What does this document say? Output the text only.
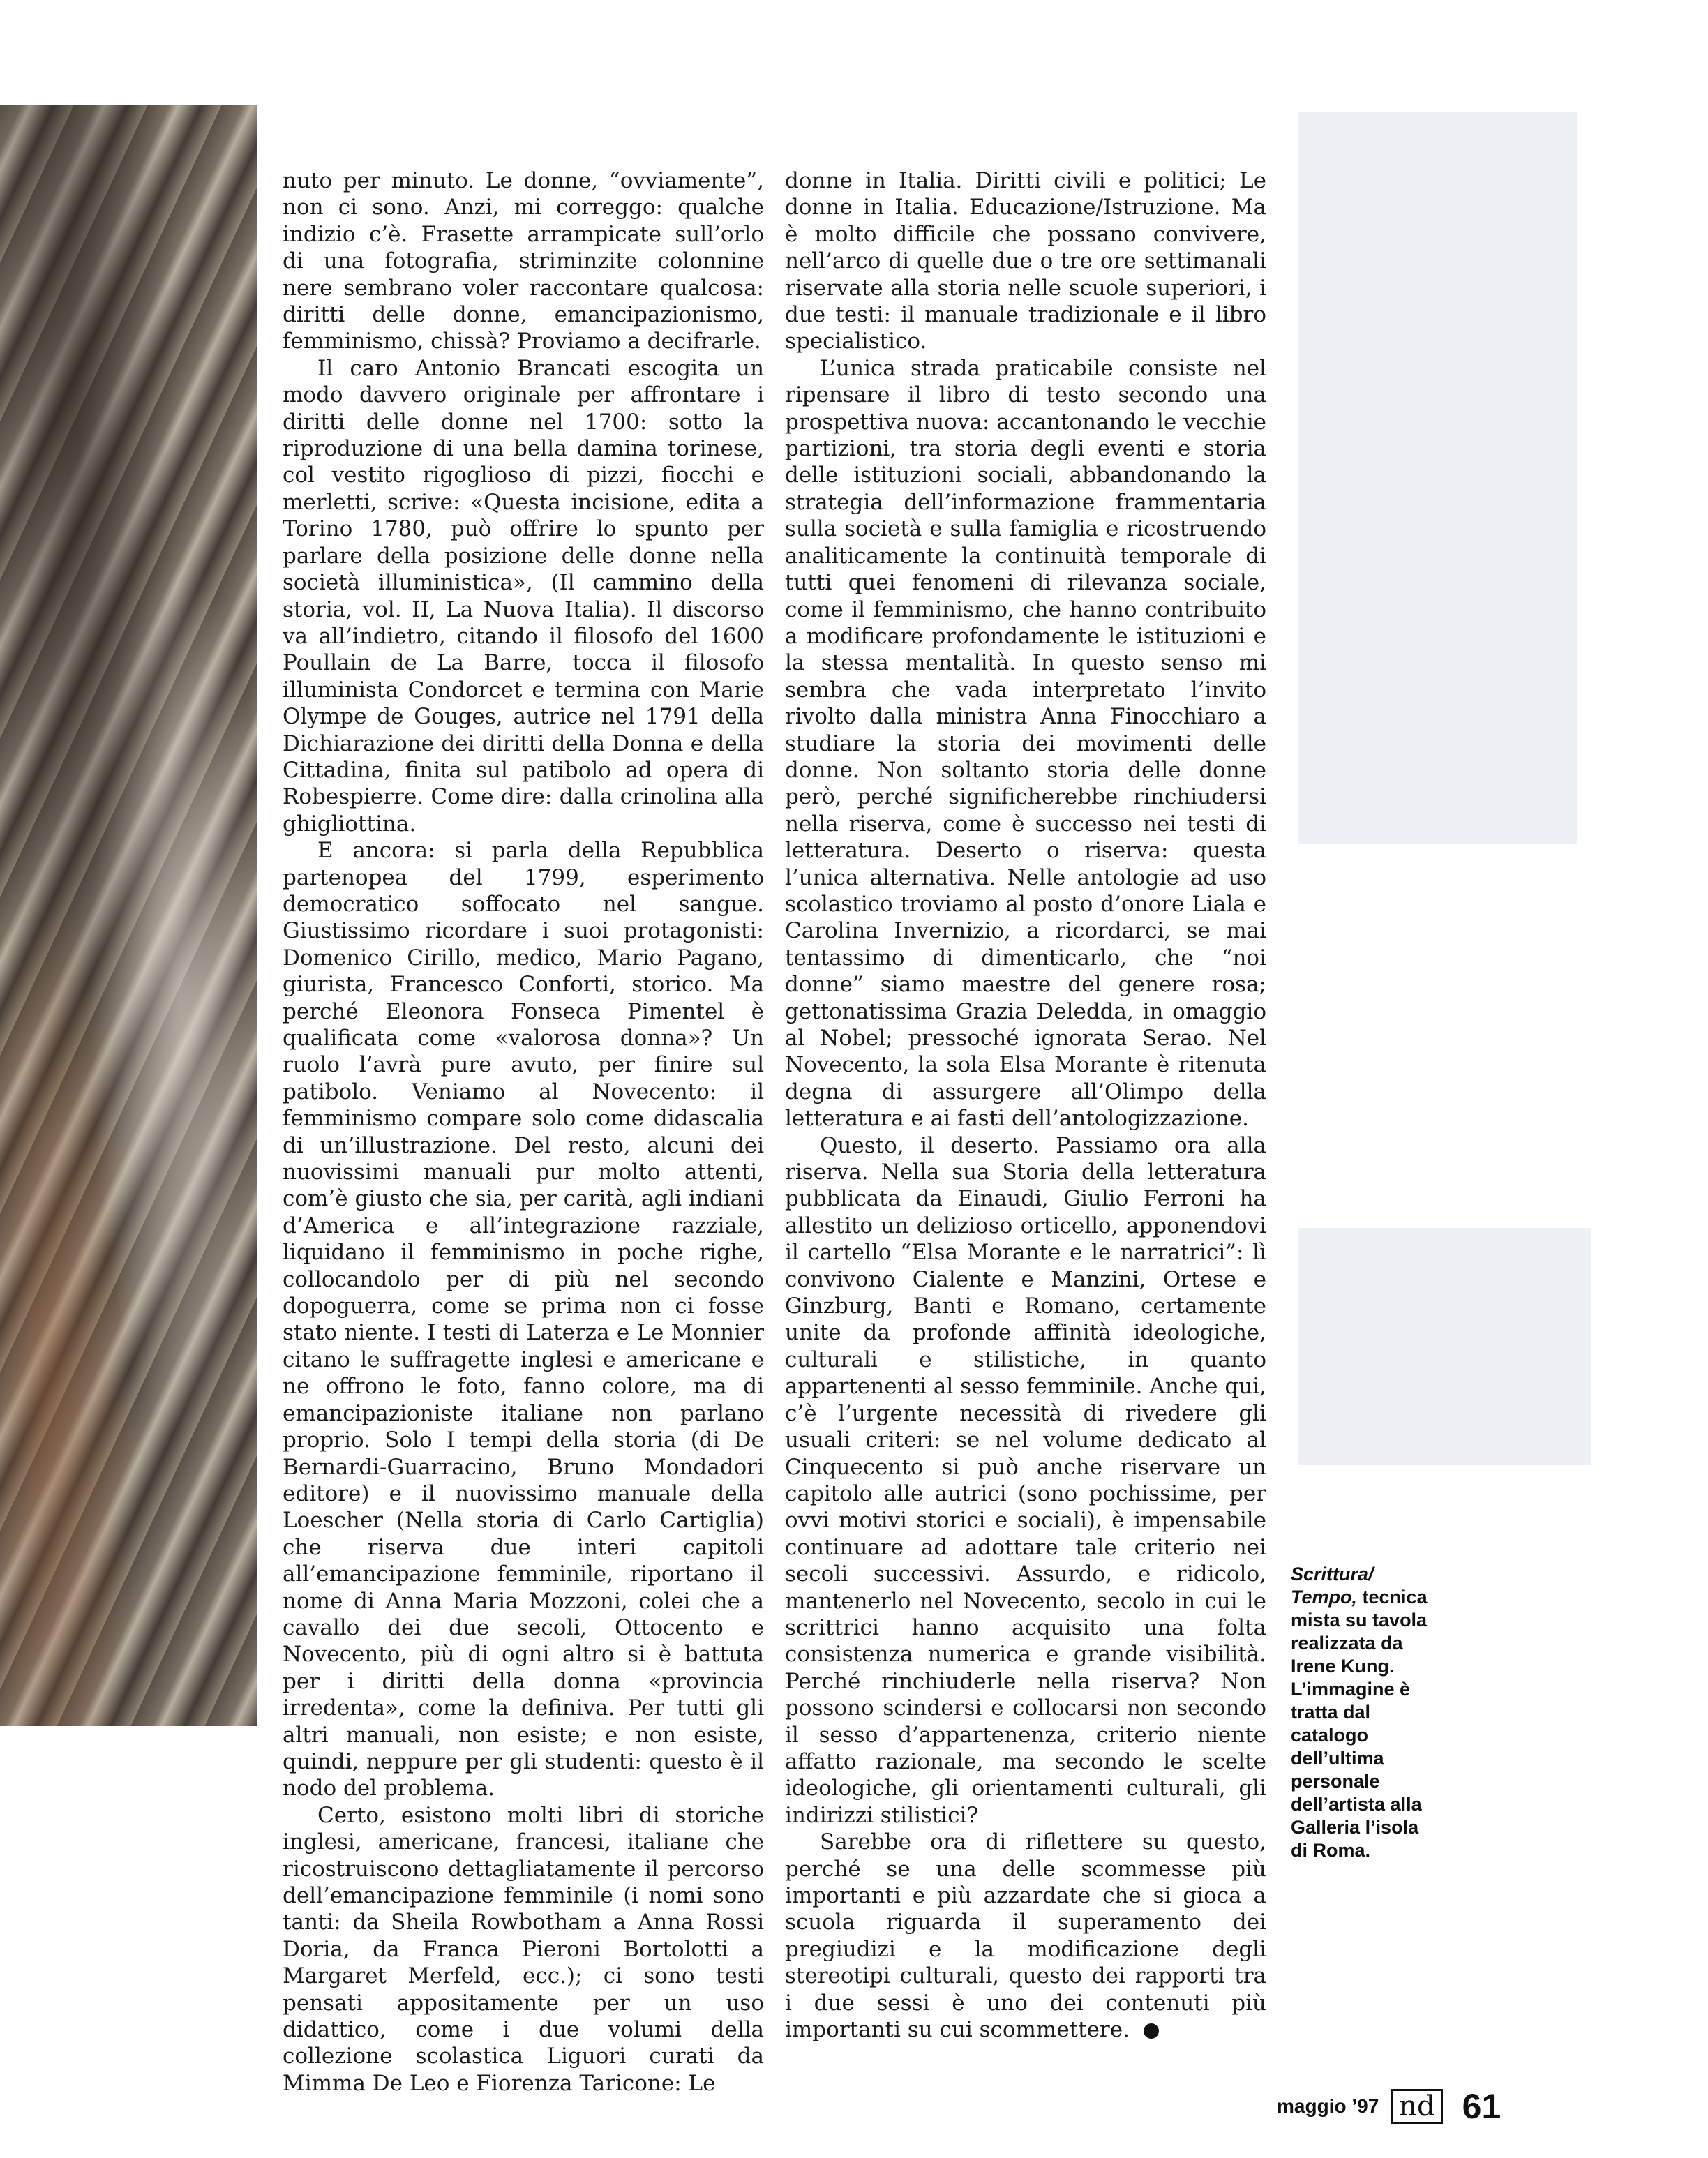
nuto per minuto. Le donne, “ovviamente”, non ci sono. Anzi, mi correggo: qualche indizio c’è. Frasette arrampicate sull’orlo di una fotografia, striminzite colonnine nere sembrano voler raccontare qualcosa: diritti delle donne, emancipazionismo, femminismo, chissà? Proviamo a decifrarle.

Il caro Antonio Brancati escogita un modo davvero originale per affrontare i diritti delle donne nel 1700: sotto la riproduzione di una bella damina torinese, col vestito rigoglioso di pizzi, fiocchi e merletti, scrive: «Questa incisione, edita a Torino 1780, può offrire lo spunto per parlare della posizione delle donne nella società illuministica», (Il cammino della storia, vol. II, La Nuova Italia). Il discorso va all’indietro, citando il filosofo del 1600 Poullain de La Barre, tocca il filosofo illuminista Condorcet e termina con Marie Olympe de Gouges, autrice nel 1791 della Dichiarazione dei diritti della Donna e della Cittadina, finita sul patibolo ad opera di Robespierre. Come dire: dalla crinolina alla ghigliottina.

E ancora: si parla della Repubblica partenopea del 1799, esperimento democratico soffocato nel sangue. Giustissimo ricordare i suoi protagonisti: Domenico Cirillo, medico, Mario Pagano, giurista, Francesco Conforti, storico. Ma perché Eleonora Fonseca Pimentel è qualificata come «valorosa donna»? Un ruolo l’avrà pure avuto, per finire sul patibolo. Veniamo al Novecento: il femminismo compare solo come didascalia di un’illustrazione. Del resto, alcuni dei nuovissimi manuali pur molto attenti, com’è giusto che sia, per carità, agli indiani d’America e all’integrazione razziale, liquidano il femminismo in poche righe, collocandolo per di più nel secondo dopoguerra, come se prima non ci fosse stato niente. I testi di Laterza e Le Monnier citano le suffragette inglesi e americane e ne offrono le foto, fanno colore, ma di emancipazioniste italiane non parlano proprio. Solo I tempi della storia (di De Bernardi-Guarracino, Bruno Mondadori editore) e il nuovissimo manuale della Loescher (Nella storia di Carlo Cartiglia) che riserva due interi capitoli all’emancipazione femminile, riportano il nome di Anna Maria Mozzoni, colei che a cavallo dei due secoli, Ottocento e Novecento, più di ogni altro si è battuta per i diritti della donna «provincia irredenta», come la definiva. Per tutti gli altri manuali, non esiste; e non esiste, quindi, neppure per gli studenti: questo è il nodo del problema.

Certo, esistono molti libri di storiche inglesi, americane, francesi, italiane che ricostruiscono dettagliatamente il percorso dell’emancipazione femminile (i nomi sono tanti: da Sheila Rowbotham a Anna Rossi Doria, da Franca Pieroni Bortolotti a Margaret Merfeld, ecc.); ci sono testi pensati appositamente per un uso didattico, come i due volumi della collezione scolastica Liguori curati da Mimma De Leo e Fiorenza Taricone: Le

donne in Italia. Diritti civili e politici; Le donne in Italia. Educazione/Istruzione. Ma è molto difficile che possano convivere, nell’arco di quelle due o tre ore settimanali riservate alla storia nelle scuole superiori, i due testi: il manuale tradizionale e il libro specialistico.

L’unica strada praticabile consiste nel ripensare il libro di testo secondo una prospettiva nuova: accantonando le vecchie partizioni, tra storia degli eventi e storia delle istituzioni sociali, abbandonando la strategia dell’informazione frammentaria sulla società e sulla famiglia e ricostruendo analiticamente la continuità temporale di tutti quei fenomeni di rilevanza sociale, come il femminismo, che hanno contribuito a modificare profondamente le istituzioni e la stessa mentalità. In questo senso mi sembra che vada interpretato l’invito rivolto dalla ministra Anna Finocchiaro a studiare la storia dei movimenti delle donne. Non soltanto storia delle donne però, perché significherebbe rinchiudersi nella riserva, come è successo nei testi di letteratura. Deserto o riserva: questa l’unica alternativa. Nelle antologie ad uso scolastico troviamo al posto d’onore Liala e Carolina Invernizio, a ricordarci, se mai tentassimo di dimenticarlo, che “noi donne” siamo maestre del genere rosa; gettonatissima Grazia Deledda, in omaggio al Nobel; pressoché ignorata Serao. Nel Novecento, la sola Elsa Morante è ritenuta degna di assurgere all’Olimpo della letteratura e ai fasti dell’antologizzazione.

Questo, il deserto. Passiamo ora alla riserva. Nella sua Storia della letteratura pubblicata da Einaudi, Giulio Ferroni ha allestito un delizioso orticello, apponendovi il cartello “Elsa Morante e le narratrici”: lì convivono Cialente e Manzini, Ortese e Ginzburg, Banti e Romano, certamente unite da profonde affinità ideologiche, culturali e stilistiche, in quanto appartenenti al sesso femminile. Anche qui, c’è l’urgente necessità di rivedere gli usuali criteri: se nel volume dedicato al Cinquecento si può anche riservare un capitolo alle autrici (sono pochissime, per ovvi motivi storici e sociali), è impensabile continuare ad adottare tale criterio nei secoli successivi. Assurdo, e ridicolo, mantenerlo nel Novecento, secolo in cui le scrittrici hanno acquisito una folta consistenza numerica e grande visibilità. Perché rinchiuderle nella riserva? Non possono scindersi e collocarsi non secondo il sesso d’appartenenza, criterio niente affatto razionale, ma secondo le scelte ideologiche, gli orientamenti culturali, gli indirizzi stilistici?

Sarebbe ora di riflettere su questo, perché se una delle scommesse più importanti e più azzardate che si gioca a scuola riguarda il superamento dei pregiudizi e la modificazione degli stereotipi culturali, questo dei rapporti tra i due sessi è uno dei contenuti più importanti su cui scommettere.

Scrittura/ Tempo, tecnica mista su tavola realizzata da Irene Kung. L’immagine è tratta dal catalogo dell’ultima personale dell’artista alla Galleria l’isola di Roma.
maggio ’97 nd 61
